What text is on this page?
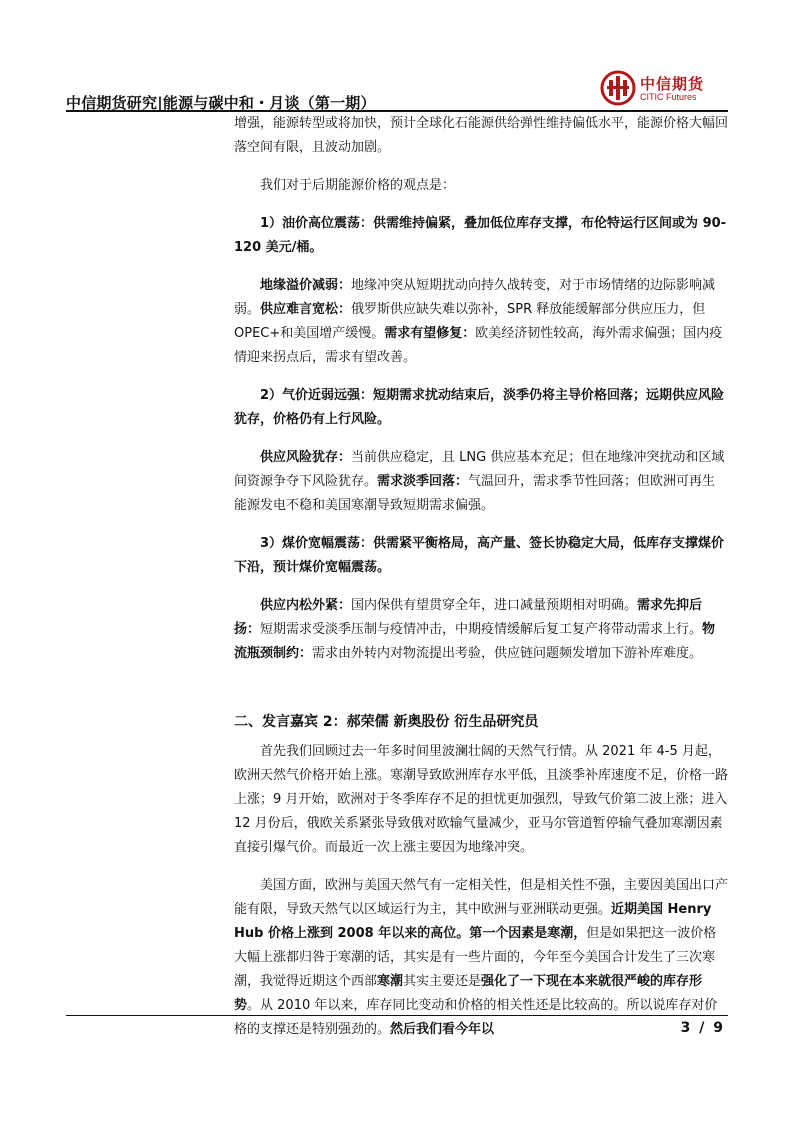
中信期货研究|能源与碳中和・月谈（第一期）
中信期货
CITIC Futures

增强，能源转型或将加快，预计全球化石能源供给弹性维持偏低水平，能源价格大幅回落空间有限，且波动加剧。

我们对于后期能源价格的观点是：

1）油价高位震荡：供需维持偏紧，叠加低位库存支撑，布伦特运行区间或为 90-120 美元/桶。

地缘溢价减弱：地缘冲突从短期扰动向持久战转变，对于市场情绪的边际影响减弱。供应难言宽松：俄罗斯供应缺失难以弥补，SPR 释放能缓解部分供应压力，但 OPEC+和美国增产缓慢。需求有望修复：欧美经济韧性较高，海外需求偏强；国内疫情迎来拐点后，需求有望改善。

2）气价近弱远强：短期需求扰动结束后，淡季仍将主导价格回落；远期供应风险犹存，价格仍有上行风险。

供应风险犹存：当前供应稳定，且 LNG 供应基本充足；但在地缘冲突扰动和区域间资源争夺下风险犹存。需求淡季回落：气温回升，需求季节性回落；但欧洲可再生能源发电不稳和美国寒潮导致短期需求偏强。

3）煤价宽幅震荡：供需紧平衡格局，高产量、签长协稳定大局，低库存支撑煤价下沿，预计煤价宽幅震荡。

供应内松外紧：国内保供有望贯穿全年，进口减量预期相对明确。需求先抑后扬：短期需求受淡季压制与疫情冲击，中期疫情缓解后复工复产将带动需求上行。物流瓶颈制约：需求由外转内对物流提出考验，供应链问题频发增加下游补库难度。

二、发言嘉宾 2：郝荣儒 新奥股份 衍生品研究员

首先我们回顾过去一年多时间里波澜壮阔的天然气行情。从 2021 年 4-5 月起，欧洲天然气价格开始上涨。寒潮导致欧洲库存水平低，且淡季补库速度不足，价格一路上涨；9 月开始，欧洲对于冬季库存不足的担忧更加强烈，导致气价第二波上涨；进入 12 月份后，俄欧关系紧张导致俄对欧输气量减少，亚马尔管道暂停输气叠加寒潮因素直接引爆气价。而最近一次上涨主要因为地缘冲突。

美国方面，欧洲与美国天然气有一定相关性，但是相关性不强，主要因美国出口产能有限，导致天然气以区域运行为主，其中欧洲与亚洲联动更强。近期美国 Henry Hub 价格上涨到 2008 年以来的高位。第一个因素是寒潮，但是如果把这一波价格大幅上涨都归咎于寒潮的话，其实是有一些片面的，今年至今美国合计发生了三次寒潮，我觉得近期这个西部寒潮其实主要还是强化了一下现在本来就很严峻的库存形势。从 2010 年以来，库存同比变动和价格的相关性还是比较高的。所以说库存对价格的支撑还是特别强劲的。然后我们看今年以	3 / 9
